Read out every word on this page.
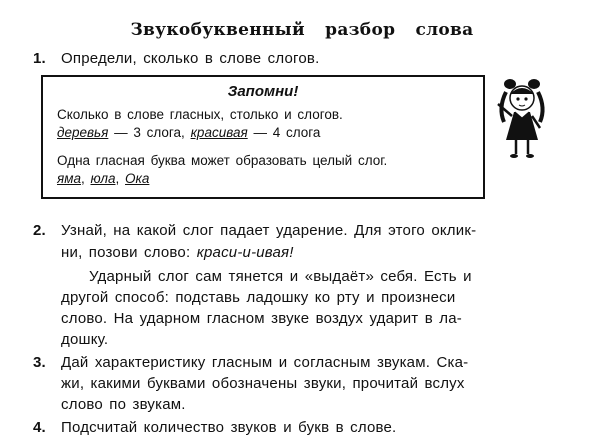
Звукобуквенный разбор слова
1. Определи, сколько в слове слогов.
Запомни!
Сколько в слове гласных, столько и слогов.
деревья — 3 слога, красивая — 4 слога
Одна гласная буква может образовать целый слог.
яма, юла, Ока
2. Узнай, на какой слог падает ударение. Для этого оклик-
ни, позови слово: краси-и-ивая!
Ударный слог сам тянется и «выдаёт» себя. Есть и
другой способ: подставь ладошку ко рту и произнеси
слово. На ударном гласном звуке воздух ударит в ла-
дошку.
3. Дай характеристику гласным и согласным звукам. Ска-
жи, какими буквами обозначены звуки, прочитай вслух
слово по звукам.
4. Подсчитай количество звуков и букв в слове.
